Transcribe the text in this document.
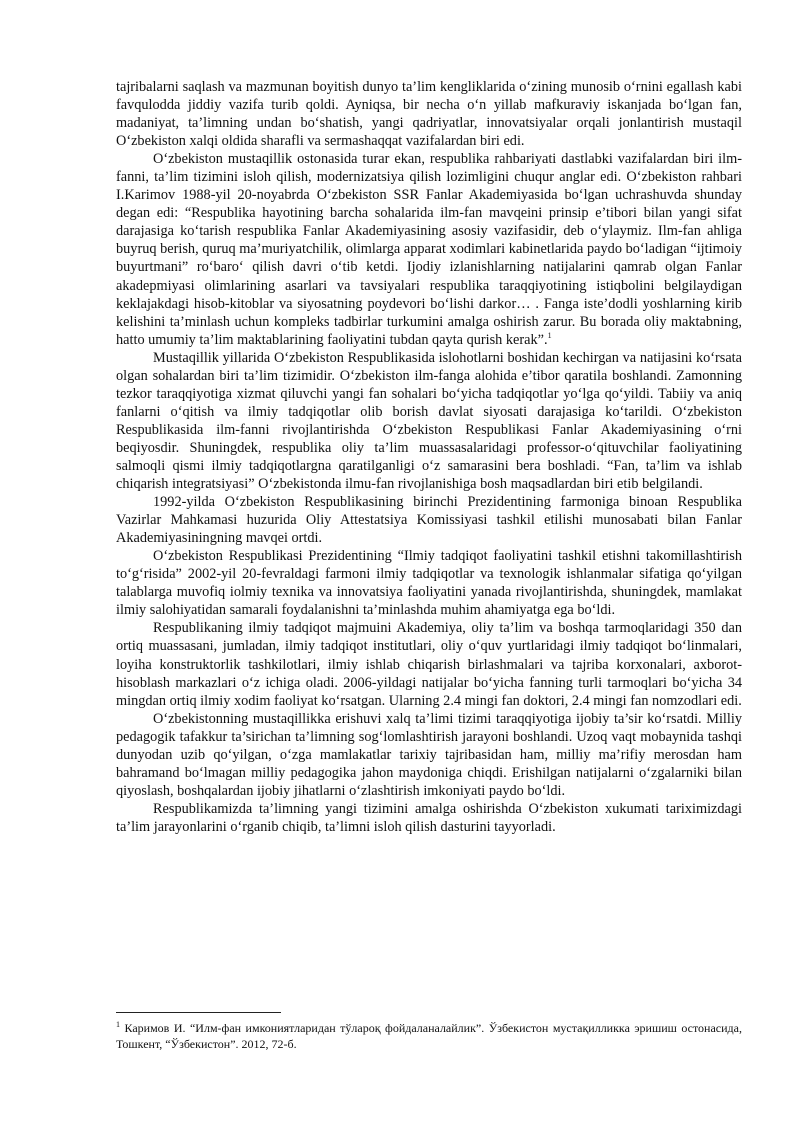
tajribalarni saqlash va mazmunan boyitish dunyo ta’lim kengliklarida o‘zining munosib o‘rnini egallash kabi favqulodda jiddiy vazifa turib qoldi. Ayniqsa, bir necha o‘n yillab mafkuraviy iskanjada bo‘lgan fan, madaniyat, ta’limning undan bo‘shatish, yangi qadriyatlar, innovatsiyalar orqali jonlantirish mustaqil O‘zbekiston xalqi oldida sharafli va sermashaqqat vazifalardan biri edi.

O‘zbekiston mustaqillik ostonasida turar ekan, respublika rahbariyati dastlabki vazifalardan biri ilm-fanni, ta’lim tizimini isloh qilish, modernizatsiya qilish lozimligini chuqur anglar edi. O‘zbekiston rahbari I.Karimov 1988-yil 20-noyabrda O‘zbekiston SSR Fanlar Akademiyasida bo‘lgan uchrashuvda shunday degan edi: “Respublika hayotining barcha sohalarida ilm-fan mavqeini prinsip e’tibori bilan yangi sifat darajasiga ko‘tarish respublika Fanlar Akademiyasining asosiy vazifasidir, deb o‘ylaymiz. Ilm-fan ahliga buyruq berish, quruq ma’muriyatchilik, olimlarga apparat xodimlari kabinetlarida paydo bo‘ladigan “ijtimoiy buyurtmani” ro‘baro‘ qilish davri o‘tib ketdi. Ijodiy izlanishlarning natijalarini qamrab olgan Fanlar akadepmiyasi olimlarining asarlari va tavsiyalari respublika taraqqiyotining istiqbolini belgilaydigan keklajakdagi hisob-kitoblar va siyosatning poydevori bo‘lishi darkor… . Fanga iste’dodli yoshlarning kirib kelishini ta’minlash uchun kompleks tadbirlar turkumini amalga oshirish zarur. Bu borada oliy maktabning, hatto umumiy ta’lim maktablarining faoliyatini tubdan qayta qurish kerak”.$^1$

Mustaqillik yillarida O‘zbekiston Respublikasida islohotlarni boshidan kechirgan va natijasini ko‘rsata olgan sohalardan biri ta’lim tizimidir. O‘zbekiston ilm-fanga alohida e’tibor qaratila boshlandi. Zamonning tezkor taraqqiyotiga xizmat qiluvchi yangi fan sohalari bo‘yicha tadqiqotlar yo‘lga qo‘yildi. Tabiiy va aniq fanlarni o‘qitish va ilmiy tadqiqotlar olib borish davlat siyosati darajasiga ko‘tarildi. O‘zbekiston Respublikasida ilm-fanni rivojlantirishda O‘zbekiston Respublikasi Fanlar Akademiyasining o‘rni beqiyosdir. Shuningdek, respublika oliy ta’lim muassasalaridagi professor-o‘qituvchilar faoliyatining salmoqli qismi ilmiy tadqiqotlargna qaratilganligi o‘z samarasini bera boshladi. “Fan, ta’lim va ishlab chiqarish integratsiyasi” O‘zbekistonda ilmu-fan rivojlanishiga bosh maqsadlardan biri etib belgilandi.

1992-yilda O‘zbekiston Respublikasining birinchi Prezidentining farmoniga binoan Respublika Vazirlar Mahkamasi huzurida Oliy Attestatsiya Komissiyasi tashkil etilishi munosabati bilan Fanlar Akademiyasiningning mavqei ortdi.

O‘zbekiston Respublikasi Prezidentining “Ilmiy tadqiqot faoliyatini tashkil etishni takomillashtirish to‘g‘risida” 2002-yil 20-fevraldagi farmoni ilmiy tadqiqotlar va texnologik ishlanmalar sifatiga qo‘yilgan talablarga muvofiq iolmiy texnika va innovatsiya faoliyatini yanada rivojlantirishda, shuningdek, mamlakat ilmiy salohiyatidan samarali foydalanishni ta’minlashda muhim ahamiyatga ega bo‘ldi.

Respublikaning ilmiy tadqiqot majmuini Akademiya, oliy ta’lim va boshqa tarmoqlaridagi 350 dan ortiq muassasani, jumladan, ilmiy tadqiqot institutlari, oliy o‘quv yurtlaridagi ilmiy tadqiqot bo‘linmalari, loyiha konstruktorlik tashkilotlari, ilmiy ishlab chiqarish birlashmalari va tajriba korxonalari, axborot-hisoblash markazlari o‘z ichiga oladi. 2006-yildagi natijalar bo‘yicha fanning turli tarmoqlari bo‘yicha 34 mingdan ortiq ilmiy xodim faoliyat ko‘rsatgan. Ularning 2.4 mingi fan doktori, 2.4 mingi fan nomzodlari edi.

O‘zbekistonning mustaqillikka erishuvi xalq ta’limi tizimi taraqqiyotiga ijobiy ta’sir ko‘rsatdi. Milliy pedagogik tafakkur ta’sirichan ta’limning sog‘lomlashtirish jarayoni boshlandi. Uzoq vaqt mobaynida tashqi dunyodan uzib qo‘yilgan, o‘zga mamlakatlar tarixiy tajribasidan ham, milliy ma’rifiy merosdan ham bahramand bo‘lmagan milliy pedagogika jahon maydoniga chiqdi. Erishilgan natijalarni o‘zgalarniki bilan qiyoslash, boshqalardan ijobiy jihatlarni o‘zlashtirish imkoniyati paydo bo‘ldi.

Respublikamizda ta’limning yangi tizimini amalga oshirishda O‘zbekiston xukumati tariximizdagi ta’lim jarayonlarini o‘rganib chiqib, ta’limni isloh qilish dasturini tayyorladi.

$^1$ Каримов И. “Илм-фан имкониятларидан тўлароқ фойдаланалайлик”. Ўзбекистон мустақилликка эришиш остонасида, Тошкент, “Ўзбекистон”. 2012, 72-б.
